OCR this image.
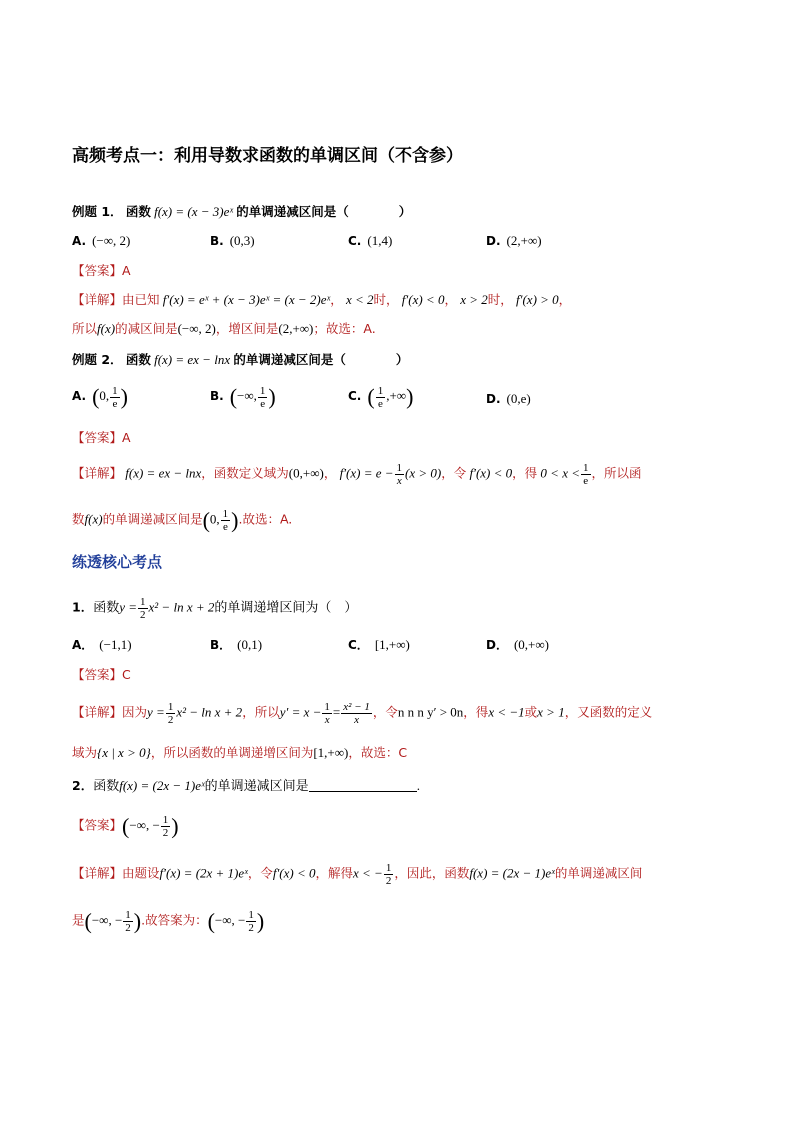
高频考点一：利用导数求函数的单调区间（不含参）
例题 1． 函数 f(x) = (x − 3)eˣ 的单调递减区间是（　　　　）
A. (−∞, 2)	B. (0,3)	C. (1,4)	D. (2,+∞)
【答案】A
【详解】由已知 f′(x) = eˣ + (x − 3)eˣ = (x − 2)eˣ， x < 2时， f′(x) < 0， x > 2时， f′(x) > 0，
所以f(x)的减区间是(−∞, 2)，增区间是(2,+∞)；故选：A.
例题 2． 函数 f(x) = ex − lnx 的单调递减区间是（　　　　）
A. (0, $\frac{1}{e}$ )	B. (−∞, $\frac{1}{e}$ )	C. ( $\frac{1}{e}$ ,+∞)	D. (0,e)
【答案】A
【详解】 f(x) = ex − lnx，函数定义域为(0,+∞)， $f'(x) = e - \frac{1}{x} (x > 0)$，令 f′(x) < 0，得 $0 < x < \frac{1}{e}$ ，所以函
数f(x)的单调递减区间是(0, $\frac{1}{e}$ ).故选：A.
练透核心考点
1．函数$y = \frac{1}{2} x^2 - \ln x + 2$的单调递增区间为（　）
A． (−1,1)	B． (0,1)	C． [1,+∞)	D． (0,+∞)
【答案】C
【详解】因为$y = \frac{1}{2} x^2 - \ln x + 2$，所以$y' = x - \frac{1}{x} = \frac{\text{x² − 1}}{x}$ ，令n n n y′ > 0n，得x < −1或x > 1，又函数的定义
域为{x | x > 0}，所以函数的单调递增区间为[1,+∞)，故选：C
2．函数f(x) = (2x − 1)eˣ的单调递减区间是	.
【答案】(−∞, − $\frac{1}{2}$ )
【详解】由题设f′(x) = (2x + 1)eˣ，令f′(x) < 0，解得x < − $\frac{1}{2}$ ，因此，函数f(x) = (2x − 1)eˣ的单调递减区间
是(−∞, − $\frac{1}{2}$ ).故答案为：(−∞, − $\frac{1}{2}$ )
